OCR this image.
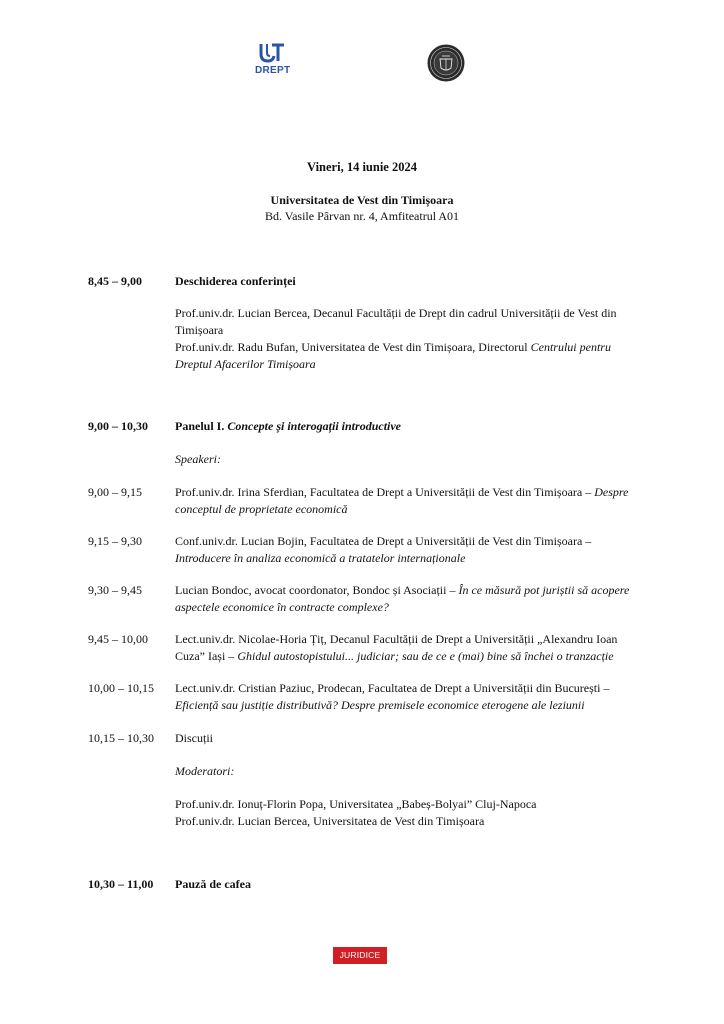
DREPT
Vineri, 14 iunie 2024
Universitatea de Vest din Timișoara
Bd. Vasile Pârvan nr. 4, Amfiteatrul A01
8,45 – 9,00	Deschiderea conferinței

Prof.univ.dr. Lucian Bercea, Decanul Facultății de Drept din cadrul Universității de Vest din

Timișoara

Prof.univ.dr. Radu Bufan, Universitatea de Vest din Timișoara, Directorul Centrului pentru

Dreptul Afacerilor Timișoara

9,00 – 10,30	Panelul I. Concepte și interogații introductive
Speakeri:
9,00 – 9,15	Prof.univ.dr. Irina Sferdian, Facultatea de Drept a Universității de Vest din Timișoara – Despre

conceptul de proprietate economică

9,15 – 9,30	Conf.univ.dr. Lucian Bojin, Facultatea de Drept a Universității de Vest din Timișoara –

Introducere în analiza economică a tratatelor internaționale

9,30 – 9,45	Lucian Bondoc, avocat coordonator, Bondoc și Asociații – În ce măsură pot juriștii să acopere

aspectele economice în contracte complexe?

9,45 – 10,00	Lect.univ.dr. Nicolae-Horia Țiț, Decanul Facultății de Drept a Universității „Alexandru Ioan

Cuza” Iași – Ghidul autostopistului... judiciar; sau de ce e (mai) bine să închei o tranzacție

10,00 – 10,15	Lect.univ.dr. Cristian Paziuc, Prodecan, Facultatea de Drept a Universității din București –

Eficiență sau justiție distributivă? Despre premisele economice eterogene ale leziunii

10,15 – 10,30	Discuții
Moderatori:

Prof.univ.dr. Ionuț-Florin Popa, Universitatea „Babeș-Bolyai” Cluj-Napoca

Prof.univ.dr. Lucian Bercea, Universitatea de Vest din Timișoara

10,30 – 11,00	Pauză de cafea
JURIDICE
